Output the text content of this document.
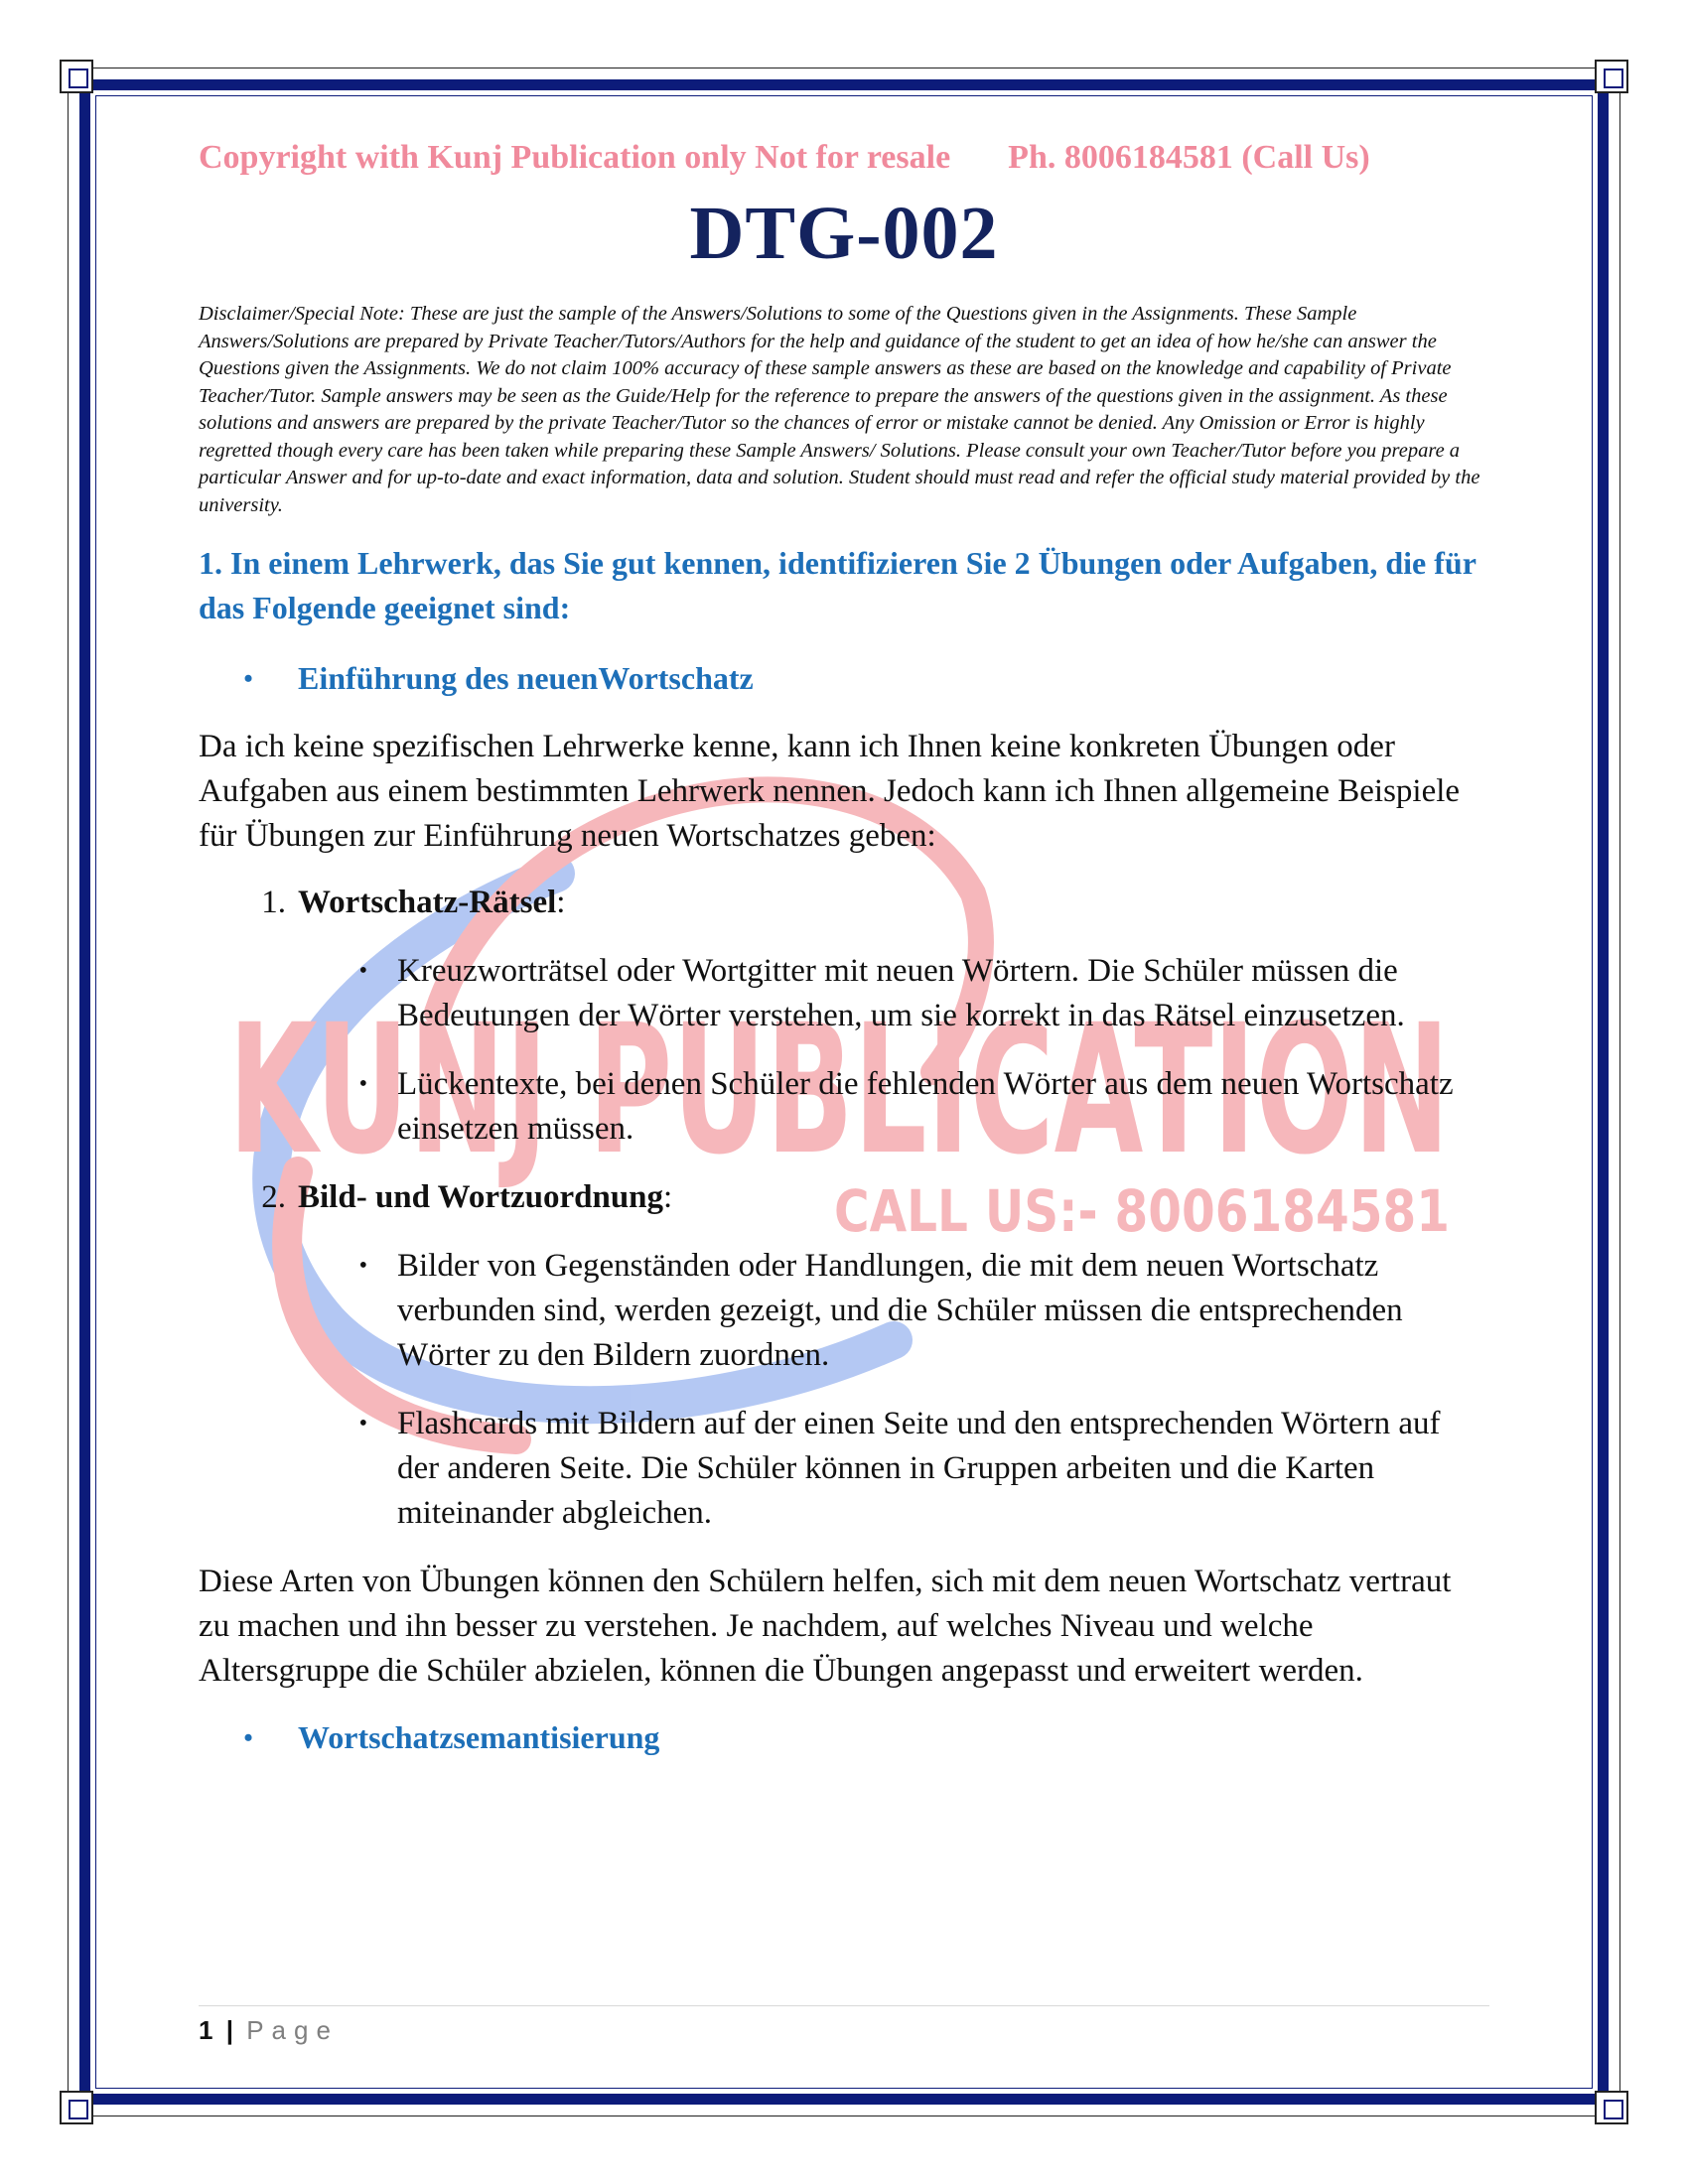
KUNJ PUBLICATION
CALL US:- 8006184581
Copyright with Kunj Publication only Not for resale Ph. 8006184581 (Call Us)
DTG-002

Disclaimer/Special Note: These are just the sample of the Answers/Solutions to some of the Questions given in the Assignments. These Sample Answers/Solutions are prepared by Private Teacher/Tutors/Authors for the help and guidance of the student to get an idea of how he/she can answer the Questions given the Assignments. We do not claim 100% accuracy of these sample answers as these are based on the knowledge and capability of Private Teacher/Tutor. Sample answers may be seen as the Guide/Help for the reference to prepare the answers of the questions given in the assignment. As these solutions and answers are prepared by the private Teacher/Tutor so the chances of error or mistake cannot be denied. Any Omission or Error is highly regretted though every care has been taken while preparing these Sample Answers/ Solutions. Please consult your own Teacher/Tutor before you prepare a particular Answer and for up-to-date and exact information, data and solution. Student should must read and refer the official study material provided by the university.

1. In einem Lehrwerk, das Sie gut kennen, identifizieren Sie 2 Übungen oder Aufgaben, die für das Folgende geeignet sind:

•	Einführung des neuenWortschatz

Da ich keine spezifischen Lehrwerke kenne, kann ich Ihnen keine konkreten Übungen oder Aufgaben aus einem bestimmten Lehrwerk nennen. Jedoch kann ich Ihnen allgemeine Beispiele für Übungen zur Einführung neuen Wortschatzes geben:

1. Wortschatz-Rätsel:
• Kreuzworträtsel oder Wortgitter mit neuen Wörtern. Die Schüler müssen die Bedeutungen der Wörter verstehen, um sie korrekt in das Rätsel einzusetzen.
• Lückentexte, bei denen Schüler die fehlenden Wörter aus dem neuen Wortschatz einsetzen müssen.
2. Bild- und Wortzuordnung:
• Bilder von Gegenständen oder Handlungen, die mit dem neuen Wortschatz verbunden sind, werden gezeigt, und die Schüler müssen die entsprechenden Wörter zu den Bildern zuordnen.
• Flashcards mit Bildern auf der einen Seite und den entsprechenden Wörtern auf der anderen Seite. Die Schüler können in Gruppen arbeiten und die Karten miteinander abgleichen.

Diese Arten von Übungen können den Schülern helfen, sich mit dem neuen Wortschatz vertraut zu machen und ihn besser zu verstehen. Je nachdem, auf welches Niveau und welche Altersgruppe die Schüler abzielen, können die Übungen angepasst und erweitert werden.

•	Wortschatzsemantisierung
1 | Page
